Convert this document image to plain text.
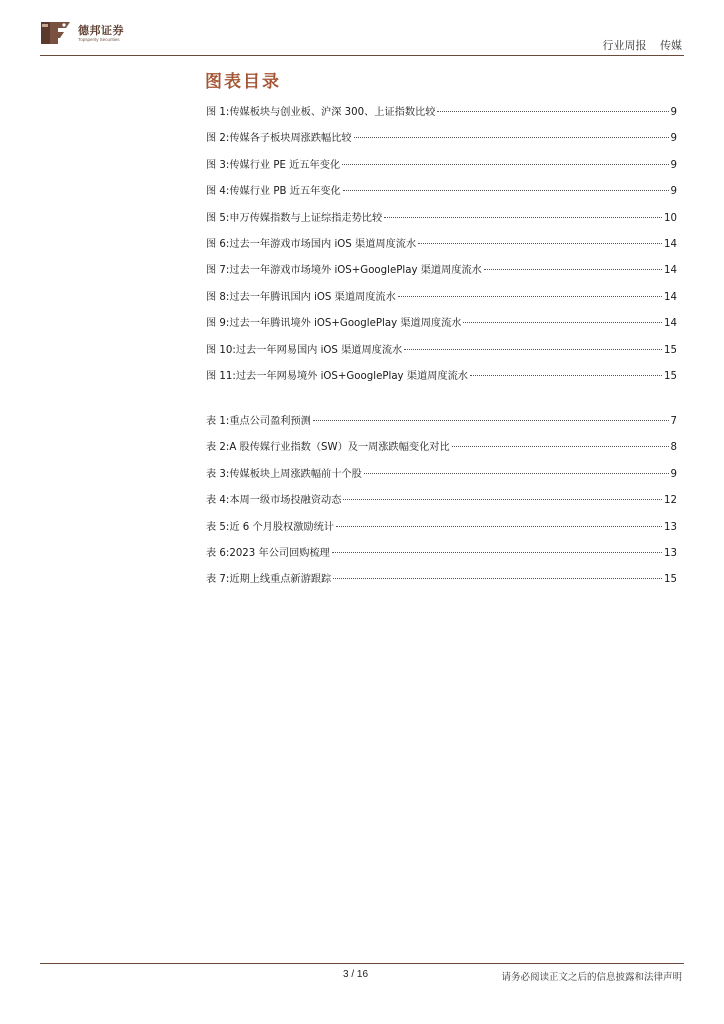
德邦证券
Topsperity Securities	行业周报 传媒
图表目录
图 1:传媒板块与创业板、沪深 300、上证指数比较	9
图 2:传媒各子板块周涨跌幅比较	9
图 3:传媒行业 PE 近五年变化	9
图 4:传媒行业 PB 近五年变化	9
图 5:申万传媒指数与上证综指走势比较	10
图 6:过去一年游戏市场国内 iOS 渠道周度流水	14
图 7:过去一年游戏市场境外 iOS+GooglePlay 渠道周度流水	14
图 8:过去一年腾讯国内 iOS 渠道周度流水	14
图 9:过去一年腾讯境外 iOS+GooglePlay 渠道周度流水	14
图 10:过去一年网易国内 iOS 渠道周度流水	15
图 11:过去一年网易境外 iOS+GooglePlay 渠道周度流水	15
表 1:重点公司盈利预测	7
表 2:A 股传媒行业指数（SW）及一周涨跌幅变化对比	8
表 3:传媒板块上周涨跌幅前十个股	9
表 4:本周一级市场投融资动态	12
表 5:近 6 个月股权激励统计	13
表 6:2023 年公司回购梳理	13
表 7:近期上线重点新游跟踪	15
3 / 16	请务必阅读正文之后的信息披露和法律声明
